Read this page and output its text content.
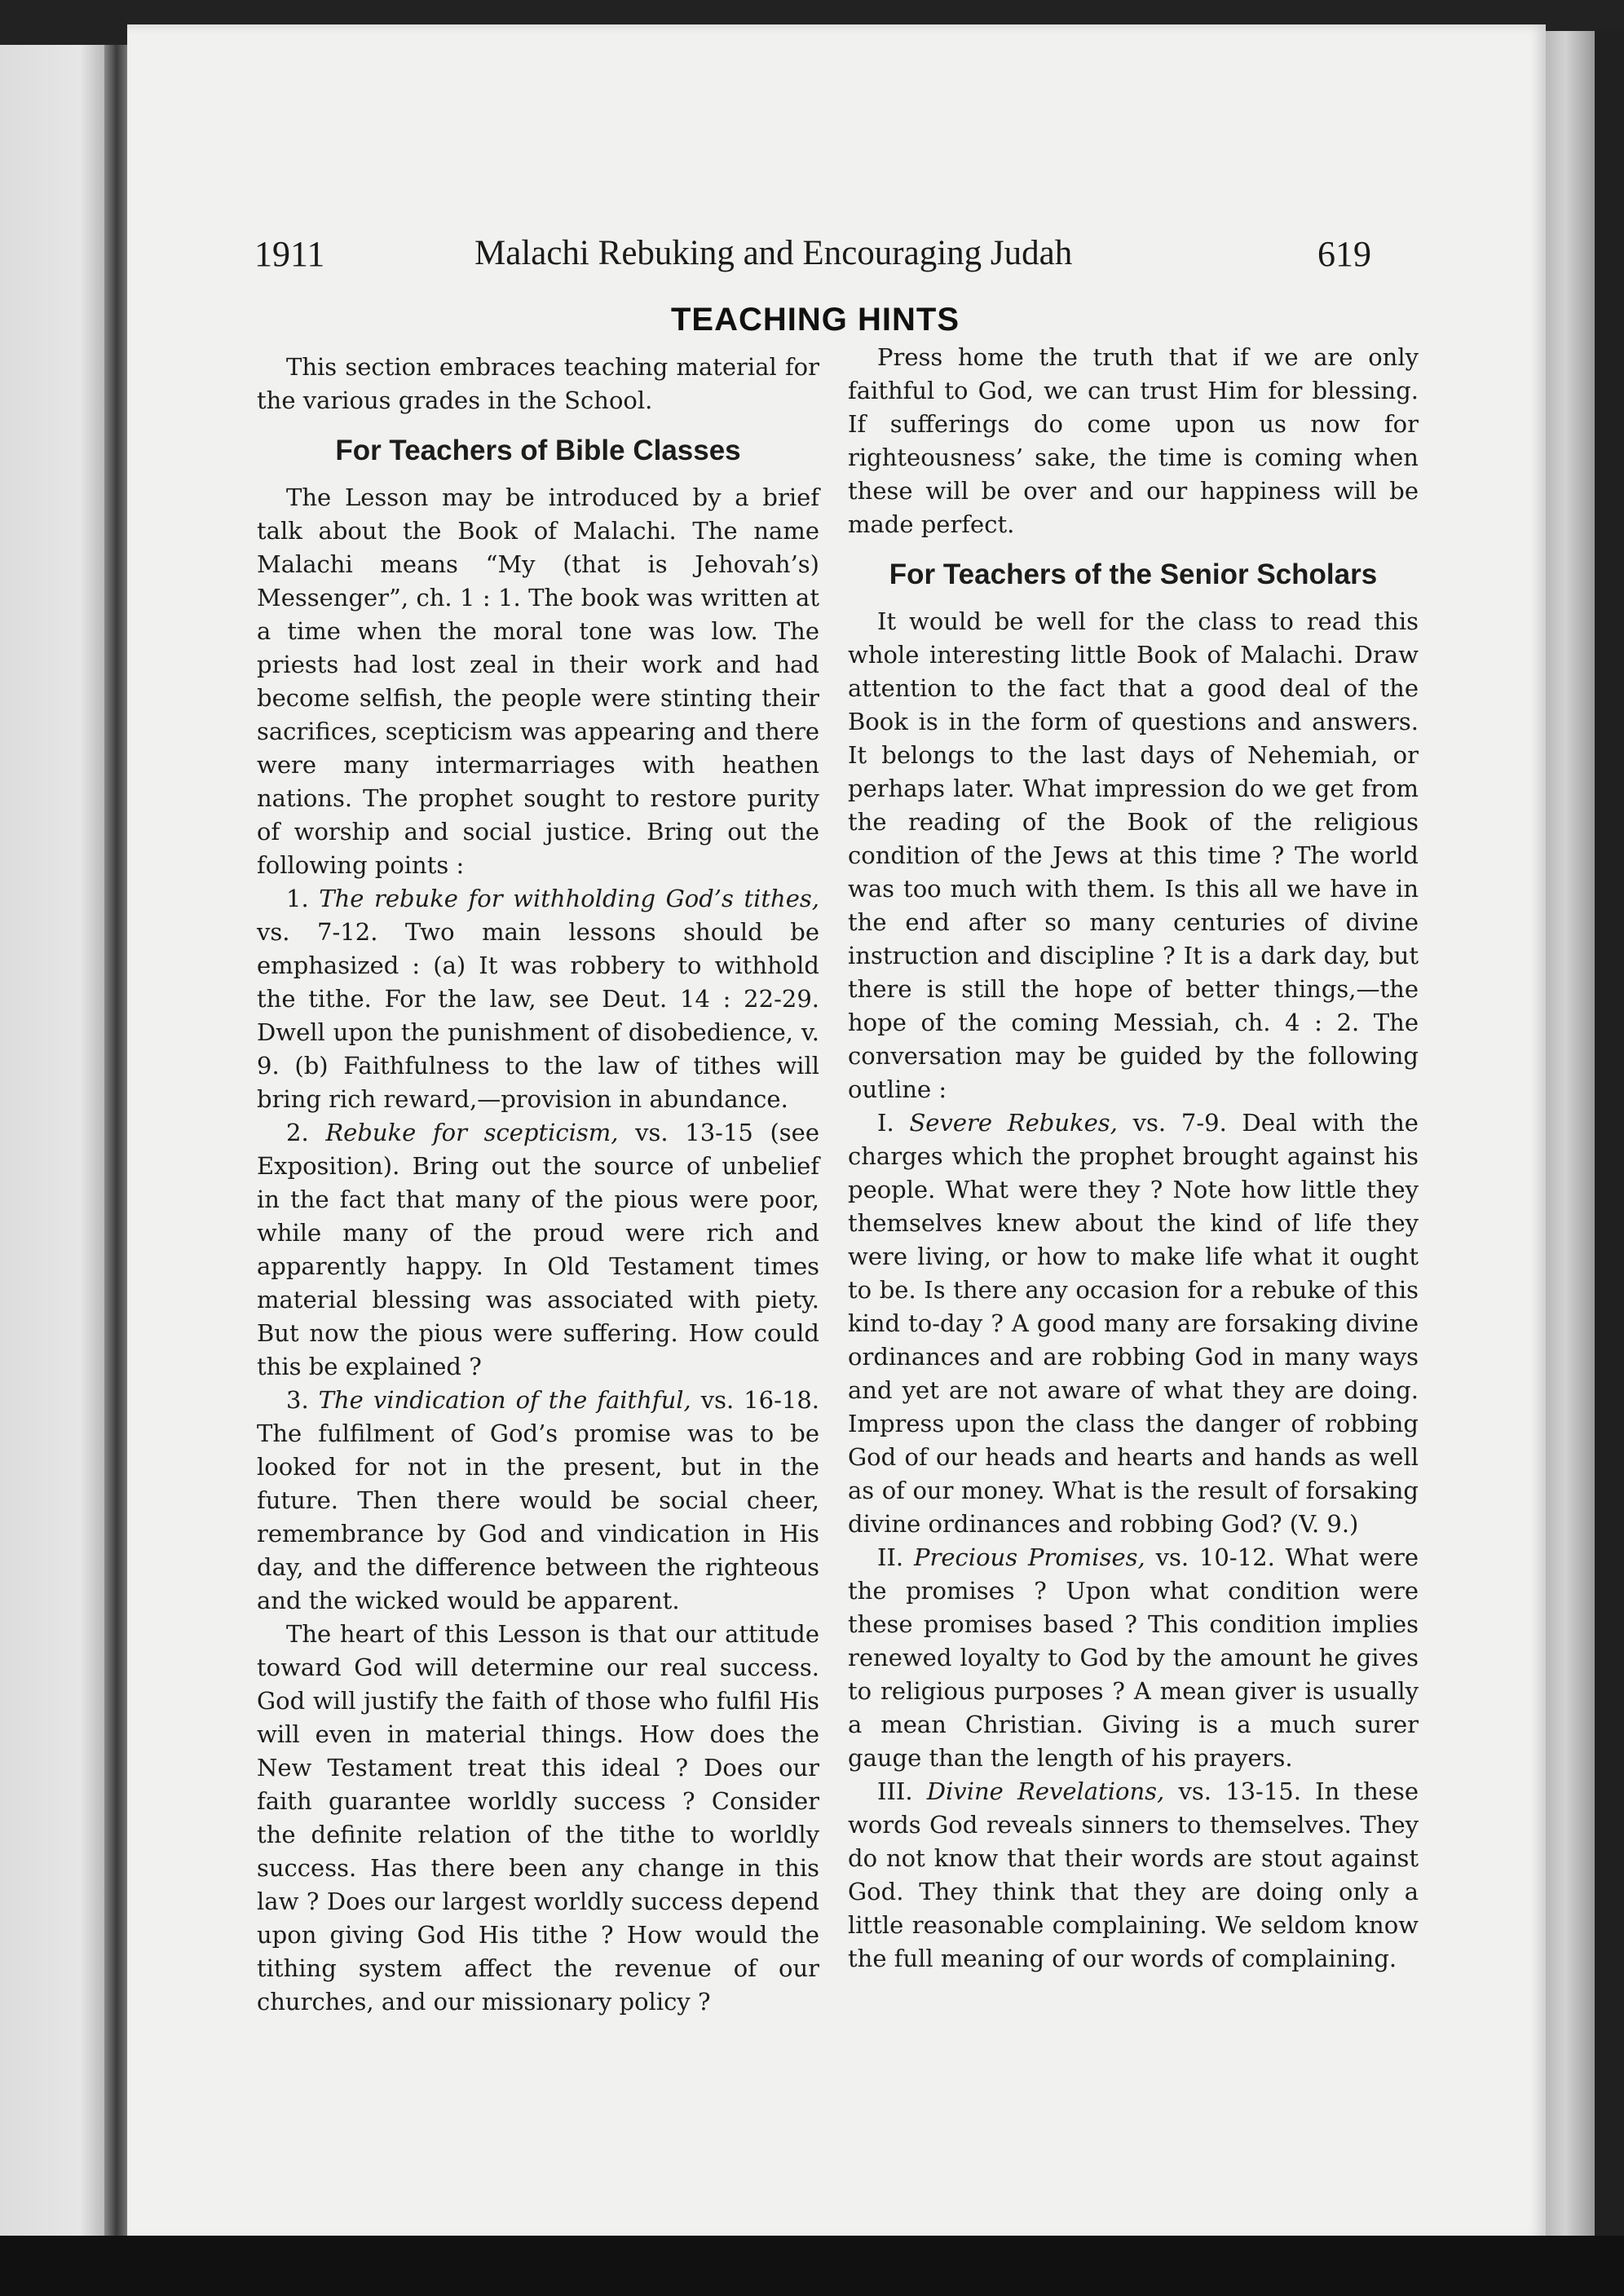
1911	Malachi Rebuking and Encouraging Judah	619
TEACHING HINTS

This section embraces teaching material for the various grades in the School.

For Teachers of Bible Classes

The Lesson may be introduced by a brief talk about the Book of Malachi. The name Malachi means “My (that is Jehovah’s) Messenger”, ch. 1 : 1. The book was written at a time when the moral tone was low. The priests had lost zeal in their work and had become selfish, the people were stinting their sacrifices, scepticism was appearing and there were many intermarriages with heathen nations. The prophet sought to restore purity of worship and social justice. Bring out the following points :

1. The rebuke for withholding God’s tithes, vs. 7-12. Two main lessons should be emphasized : (a) It was robbery to withhold the tithe. For the law, see Deut. 14 : 22-29. Dwell upon the punishment of disobedience, v. 9. (b) Faithfulness to the law of tithes will bring rich reward,—provision in abundance.

2. Rebuke for scepticism, vs. 13-15 (see Exposition). Bring out the source of unbelief in the fact that many of the pious were poor, while many of the proud were rich and apparently happy. In Old Testament times material blessing was associated with piety. But now the pious were suffering. How could this be explained ?

3. The vindication of the faithful, vs. 16-18. The fulfilment of God’s promise was to be looked for not in the present, but in the future. Then there would be social cheer, remembrance by God and vindication in His day, and the difference between the righteous and the wicked would be apparent.

The heart of this Lesson is that our attitude toward God will determine our real success. God will justify the faith of those who fulfil His will even in material things. How does the New Testament treat this ideal ? Does our faith guarantee worldly success ? Consider the definite relation of the tithe to worldly success. Has there been any change in this law ? Does our largest worldly success depend upon giving God His tithe ? How would the tithing system affect the revenue of our churches, and our missionary policy ?

Press home the truth that if we are only faithful to God, we can trust Him for blessing. If sufferings do come upon us now for righteousness’ sake, the time is coming when these will be over and our happiness will be made perfect.

For Teachers of the Senior Scholars

It would be well for the class to read this whole interesting little Book of Malachi. Draw attention to the fact that a good deal of the Book is in the form of questions and answers. It belongs to the last days of Nehemiah, or perhaps later. What impression do we get from the reading of the Book of the religious condition of the Jews at this time ? The world was too much with them. Is this all we have in the end after so many centuries of divine instruction and discipline ? It is a dark day, but there is still the hope of better things,—the hope of the coming Messiah, ch. 4 : 2. The conversation may be guided by the following outline :

I. Severe Rebukes, vs. 7-9. Deal with the charges which the prophet brought against his people. What were they ? Note how little they themselves knew about the kind of life they were living, or how to make life what it ought to be. Is there any occasion for a rebuke of this kind to-day ? A good many are forsaking divine ordinances and are robbing God in many ways and yet are not aware of what they are doing. Impress upon the class the danger of robbing God of our heads and hearts and hands as well as of our money. What is the result of forsaking divine ordinances and robbing God? (V. 9.)

II. Precious Promises, vs. 10-12. What were the promises ? Upon what condition were these promises based ? This condition implies renewed loyalty to God by the amount he gives to religious purposes ? A mean giver is usually a mean Christian. Giving is a much surer gauge than the length of his prayers.

III. Divine Revelations, vs. 13-15. In these words God reveals sinners to themselves. They do not know that their words are stout against God. They think that they are doing only a little reasonable complaining. We seldom know the full meaning of our words of complaining.
